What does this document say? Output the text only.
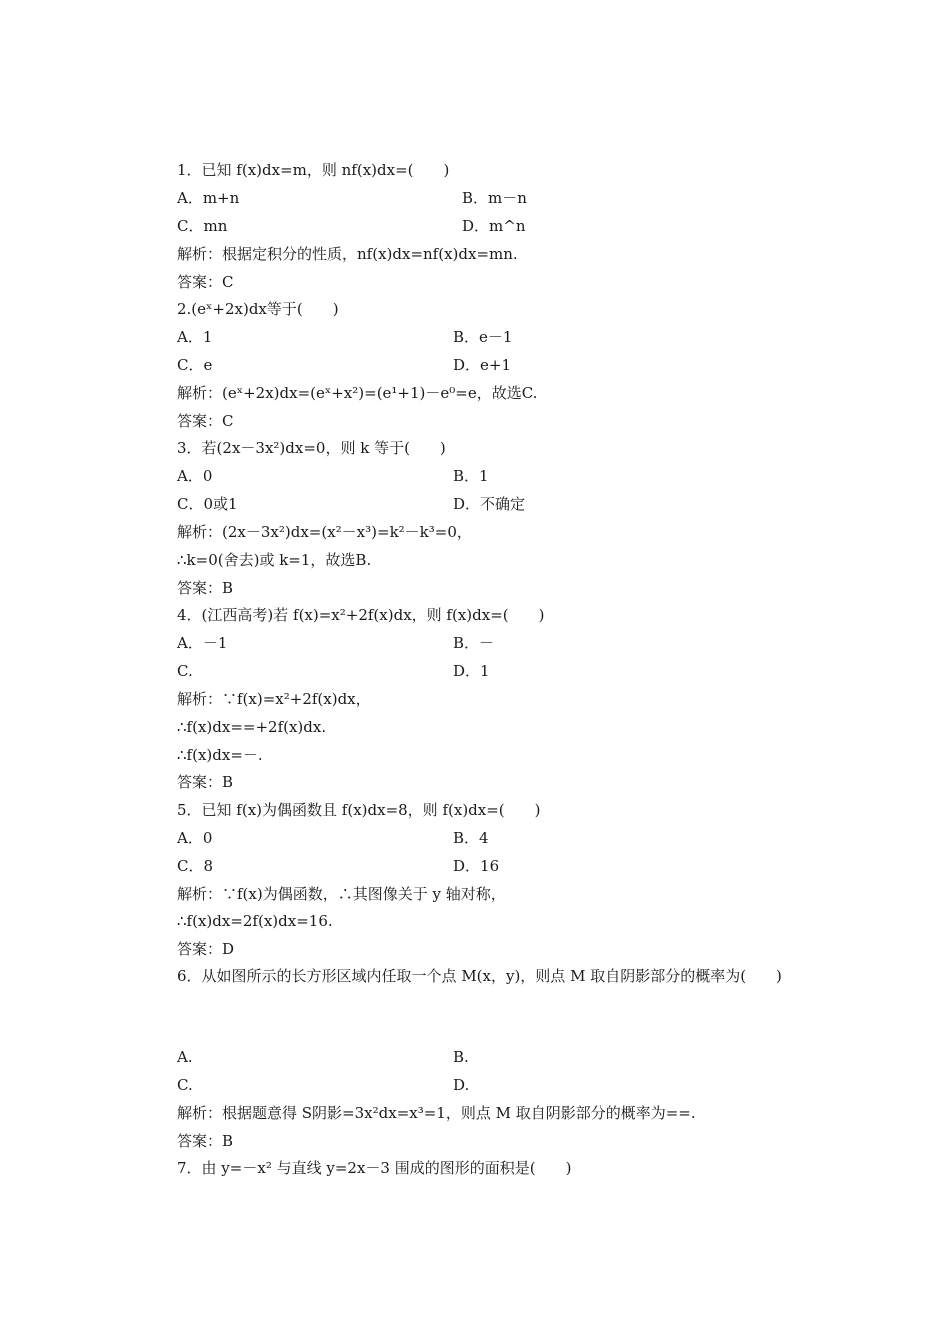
1．已知 f(x)dx=m，则 nf(x)dx=(　　)
A．m+n	B．m－n
C．mn	D．m^n
解析：根据定积分的性质，nf(x)dx=nf(x)dx=mn.
答案：C
2.(eˣ+2x)dx等于(　　)
A．1	B．e－1
C．e	D．e+1
解析：(eˣ+2x)dx=(eˣ+x²)=(e¹+1)－e⁰=e，故选C.
答案：C
3．若(2x－3x²)dx=0，则 k 等于(　　)
A．0	B．1
C．0或1	D．不确定
解析：(2x－3x²)dx=(x²－x³)=k²－k³=0，
∴k=0(舍去)或 k=1，故选B.
答案：B
4．(江西高考)若 f(x)=x²+2f(x)dx，则 f(x)dx=(　　)
A．－1	B．－
C.	D．1
解析：∵f(x)=x²+2f(x)dx，
∴f(x)dx==+2f(x)dx.
∴f(x)dx=－.
答案：B
5．已知 f(x)为偶函数且 f(x)dx=8，则 f(x)dx=(　　)
A．0	B．4
C．8	D．16
解析：∵f(x)为偶函数，∴其图像关于 y 轴对称，
∴f(x)dx=2f(x)dx=16.
答案：D
6．从如图所示的长方形区域内任取一个点 M(x，y)，则点 M 取自阴影部分的概率为(　　)
A.	B.
C.	D.
解析：根据题意得 S阴影=3x²dx=x³=1，则点 M 取自阴影部分的概率为==.
答案：B
7．由 y=－x² 与直线 y=2x－3 围成的图形的面积是(　　)
